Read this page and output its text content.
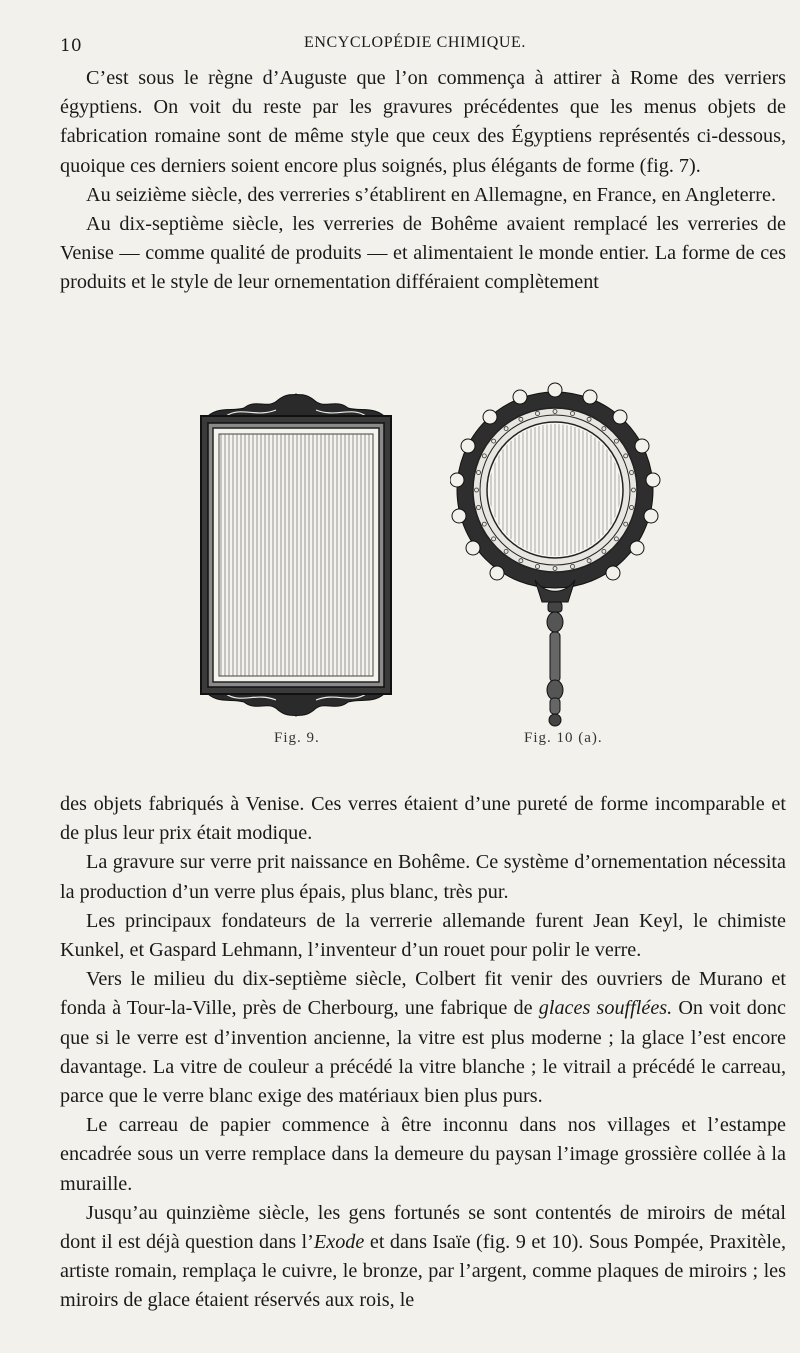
10	ENCYCLOPÉDIE CHIMIQUE.

C’est sous le règne d’Auguste que l’on commença à attirer à Rome des verriers égyptiens. On voit du reste par les gravures précédentes que les menus objets de fabrication romaine sont de même style que ceux des Égyptiens représentés ci-dessous, quoique ces derniers soient encore plus soignés, plus élégants de forme (fig. 7).

Au seizième siècle, des verreries s’établirent en Allemagne, en France, en Angleterre.

Au dix-septième siècle, les verreries de Bohême avaient remplacé les verreries de Venise — comme qualité de produits — et alimentaient le monde entier. La forme de ces produits et le style de leur ornementation différaient complètement

Fig. 9.	Fig. 10 (a).

des objets fabriqués à Venise. Ces verres étaient d’une pureté de forme incomparable et de plus leur prix était modique.

La gravure sur verre prit naissance en Bohême. Ce système d’ornementation nécessita la production d’un verre plus épais, plus blanc, très pur.

Les principaux fondateurs de la verrerie allemande furent Jean Keyl, le chimiste Kunkel, et Gaspard Lehmann, l’inventeur d’un rouet pour polir le verre.

Vers le milieu du dix-septième siècle, Colbert fit venir des ouvriers de Murano et fonda à Tour-la-Ville, près de Cherbourg, une fabrique de glaces soufflées. On voit donc que si le verre est d’invention ancienne, la vitre est plus moderne ; la glace l’est encore davantage. La vitre de couleur a précédé la vitre blanche ; le vitrail a précédé le carreau, parce que le verre blanc exige des matériaux bien plus purs.

Le carreau de papier commence à être inconnu dans nos villages et l’estampe encadrée sous un verre remplace dans la demeure du paysan l’image grossière collée à la muraille.

Jusqu’au quinzième siècle, les gens fortunés se sont contentés de miroirs de métal dont il est déjà question dans l’Exode et dans Isaïe (fig. 9 et 10). Sous Pompée, Praxitèle, artiste romain, remplaça le cuivre, le bronze, par l’argent, comme plaques de miroirs ; les miroirs de glace étaient réservés aux rois, le
